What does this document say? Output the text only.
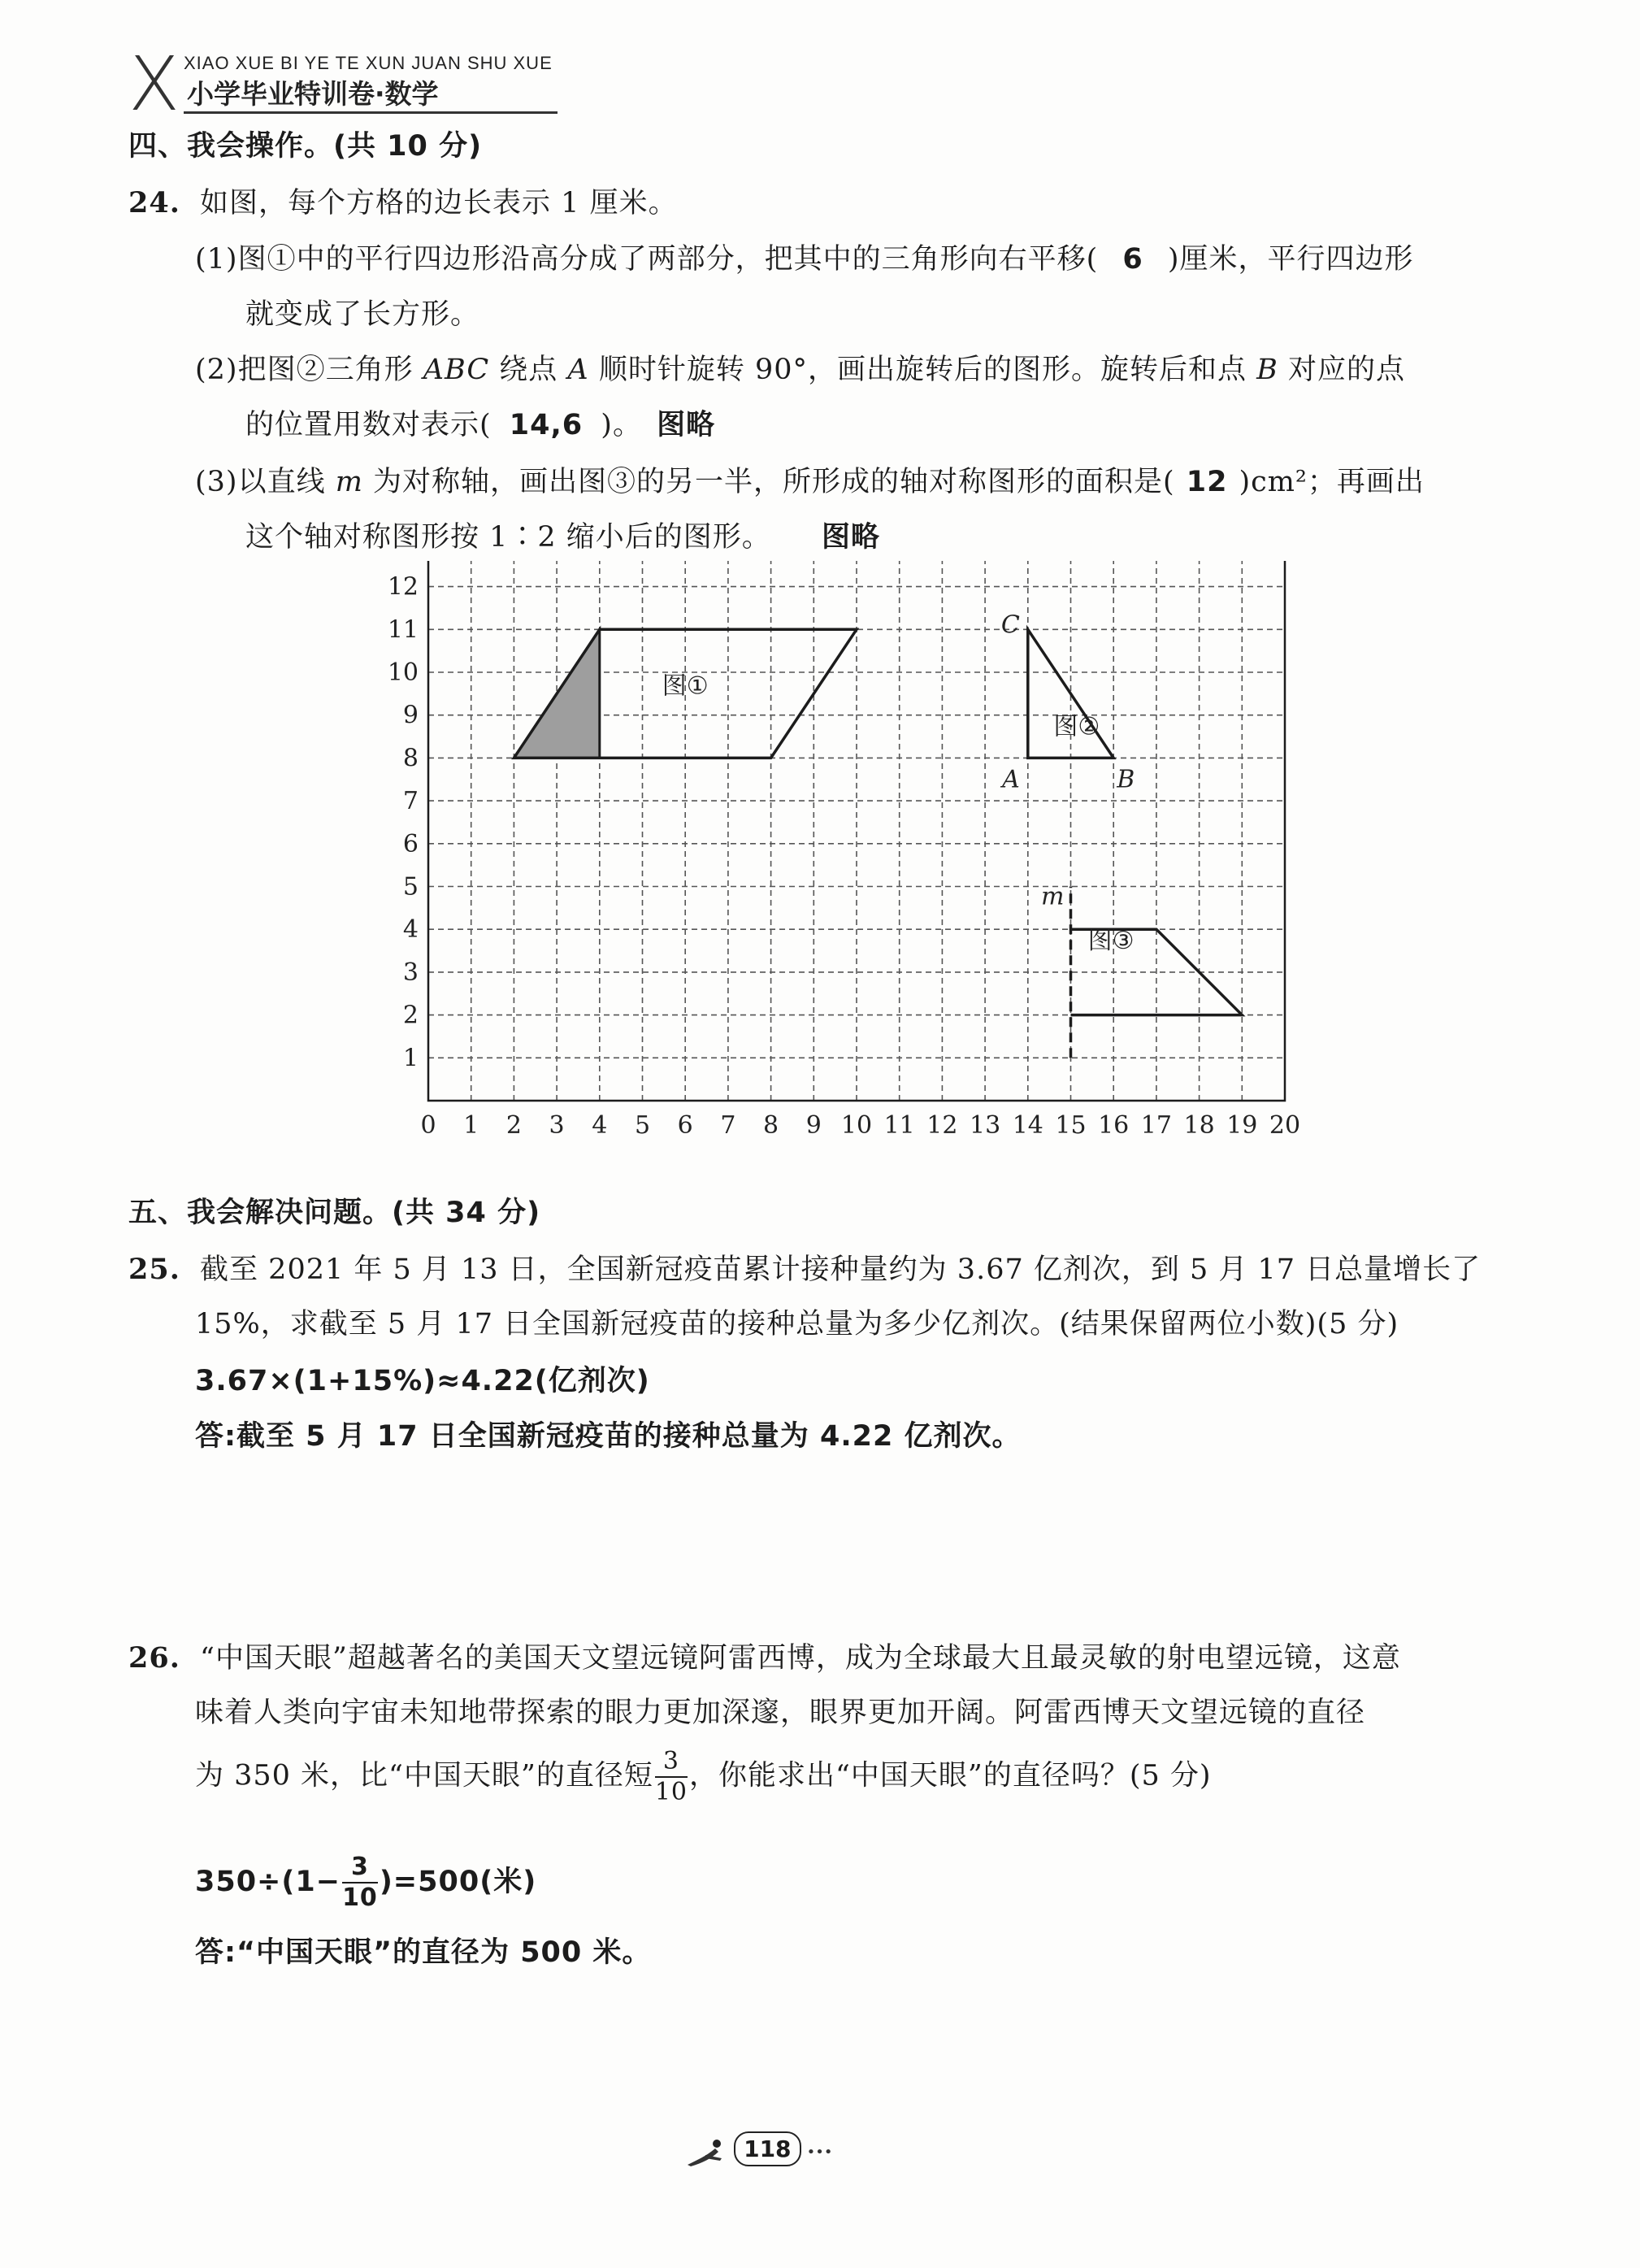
X XIAO XUE BI YE TE XUN JUAN SHU XUE
小学毕业特训卷·数学
四、我会操作。(共 10 分)
24. 如图，每个方格的边长表示 1 厘米。
(1)图①中的平行四边形沿高分成了两部分，把其中的三角形向右平移( 6 )厘米，平行四边形
就变成了长方形。
(2)把图②三角形 ABC 绕点 A 顺时针旋转 90°，画出旋转后的图形。旋转后和点 B 对应的点
的位置用数对表示( 14,6 )。 图略
(3)以直线 m 为对称轴，画出图③的另一半，所形成的轴对称图形的面积是( 12 )cm²；再画出
这个轴对称图形按 1∶2 缩小后的图形。 图略
0 1 2 3 4 5 6 7 8 9 10 11 12 13 14 15 16 17 18 19 20
1
2
3
4
5
6
7
8
9
10
11
12
图①
C
A	B
图②
m
图③
五、我会解决问题。(共 34 分)
25. 截至 2021 年 5 月 13 日，全国新冠疫苗累计接种量约为 3.67 亿剂次，到 5 月 17 日总量增长了
15%，求截至 5 月 17 日全国新冠疫苗的接种总量为多少亿剂次。(结果保留两位小数)(5 分)
3.67×(1+15%)≈4.22(亿剂次)
答:截至 5 月 17 日全国新冠疫苗的接种总量为 4.22 亿剂次。
26. “中国天眼”超越著名的美国天文望远镜阿雷西博，成为全球最大且最灵敏的射电望远镜，这意
味着人类向宇宙未知地带探索的眼力更加深邃，眼界更加开阔。阿雷西博天文望远镜的直径
为 350 米，比“中国天眼”的直径短 $\frac{3}{10}$ ，你能求出“中国天眼”的直径吗？(5 分)
$350\div(1- \frac{3}{10} )=500$(米)
答:“中国天眼”的直径为 500 米。
118 •••
